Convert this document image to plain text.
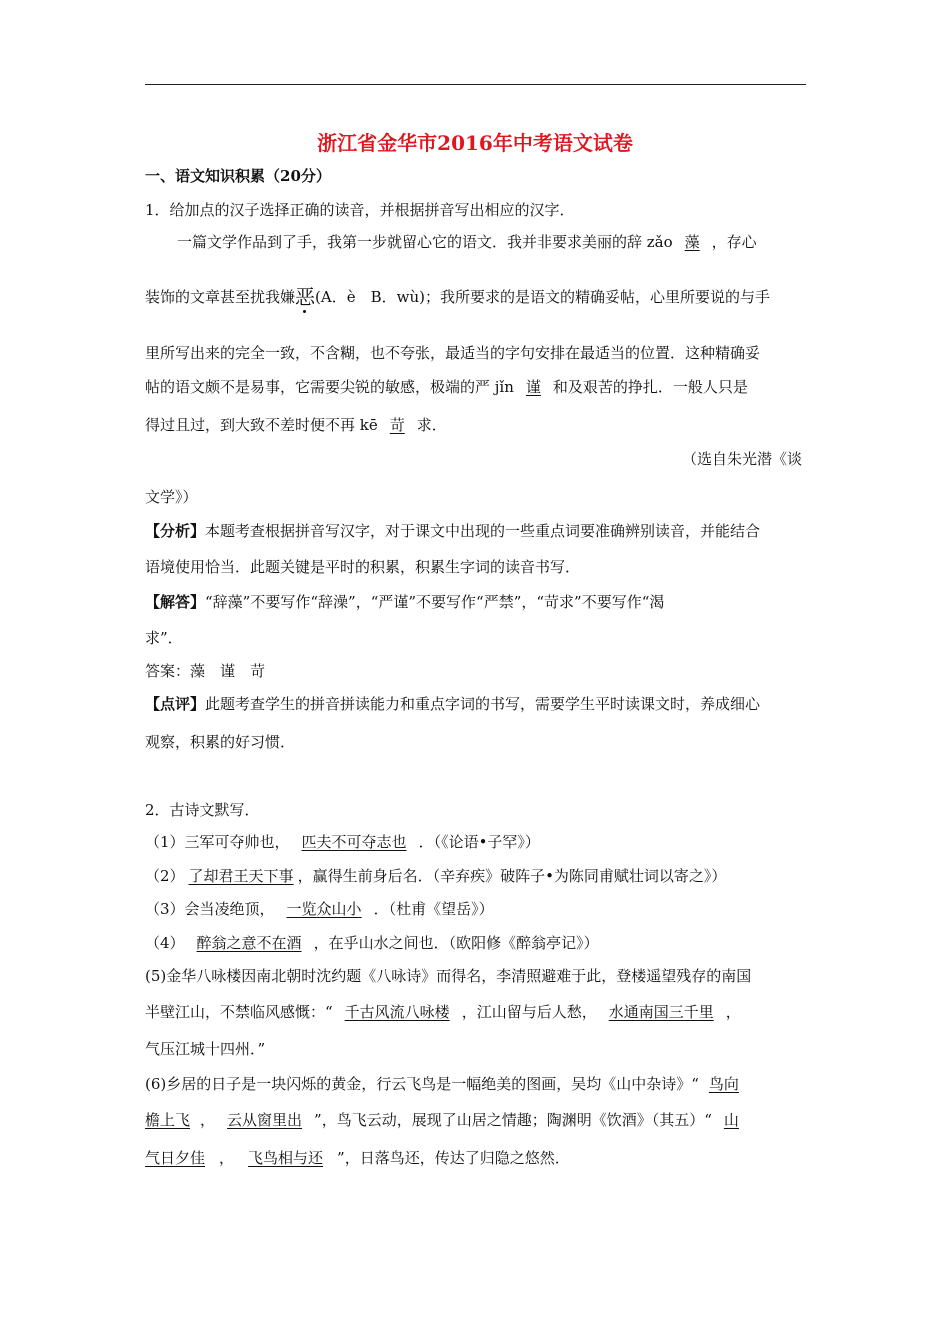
浙江省金华市2016年中考语文试卷
一、语文知识积累（20分）
1．给加点的汉子选择正确的读音，并根据拼音写出相应的汉字．
一篇文学作品到了手，我第一步就留心它的语文．我并非要求美丽的辞 zǎo 藻 ，存心
装饰的文章甚至扰我嫌恶
(A．è　B．wù)；我所要求的是语文的精确妥帖，心里所要说的与手
里所写出来的完全一致，不含糊，也不夸张，最适当的字句安排在最适当的位置．这种精确妥
帖的语文颇不是易事，它需要尖锐的敏感，极端的严 jǐn 谨 和及艰苦的挣扎．一般人只是
得过且过，到大致不差时便不再 kē 苛 求．
（选自朱光潜《谈
文学》）
【分析】本题考查根据拼音写汉字，对于课文中出现的一些重点词要准确辨别读音，并能结合
语境使用恰当．此题关键是平时的积累，积累生字词的读音书写．
【解答】“辞藻”不要写作“辞澡”，“严谨”不要写作“严禁”，“苛求”不要写作“渴
求”．
答案：藻　谨　苛
【点评】此题考查学生的拼音拼读能力和重点字词的书写，需要学生平时读课文时，养成细心
观察，积累的好习惯．
2．古诗文默写．
（1）三军可夺帅也， 匹夫不可夺志也 ．（《论语•子罕》）
（2） 了却君王天下事 ，赢得生前身后名．（辛弃疾》破阵子•为陈同甫赋壮词以寄之》）
（3）会当凌绝顶， 一览众山小 ．（杜甫《望岳》）
（4） 醉翁之意不在酒 ，在乎山水之间也．（欧阳修《醉翁亭记》）
(5)金华八咏楼因南北朝时沈约题《八咏诗》而得名，李清照避难于此，登楼遥望残存的南国
半壁江山，不禁临风感慨：“ 千古风流八咏楼 ，江山留与后人愁， 水通南国三千里 ，
气压江城十四州．”
(6)乡居的日子是一块闪烁的黄金，行云飞鸟是一幅绝美的图画，吴均《山中杂诗》“ 鸟向
檐上飞 ， 云从窗里出 ”，鸟飞云动，展现了山居之情趣；陶渊明《饮酒》（其五）“ 山
气日夕佳 ， 飞鸟相与还 ”，日落鸟还，传达了归隐之悠然．
